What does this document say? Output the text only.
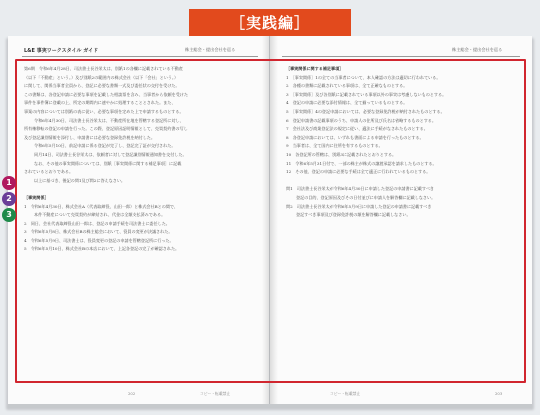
［実践編］
L&E 事実ワークスタイル ガイド	株主総会・提出会社を巡る	株主総会・提出会社を巡る

第6期　令和6年4月28日、司法書士長谷栄太は、別紙1の各欄に記載されている不動産

（以下「不動産」という。）及び別紙2の範囲内の株式会社（以下「会社」という。）

に関して、関係当事者全員から、登記に必要な書類一式及び委任状の交付を受けた。

この書類は、各登記申請に必要な事項を記載した相談票を含み、当事者から依頼を受けた

事件を事件簿に登載の上、所定の期間内に速やかに処理することとされた。また、

事案の内容については別紙の表に従い、必要な事項を定めた上で申請するものとする。

令和6年4月30日、司法書士長谷栄太は、不動産所在地を管轄する登記所に対し、

所有権移転の登記の申請を行った。この際、登記原因証明情報として、売買契約書の写し

及び登記識別情報を添付し、申請書には必要な登録免許税を納付した。

令和6年5月10日、前記申請に係る登記が完了し、登記完了証が交付された。

同月14日、司法書士長谷栄太は、依頼者に対して登記識別情報通知書を交付した。

なお、その他の事実関係については、別紙［事実関係に関する補足事項］に記載

されているとおりである。

以上に基づき、後記の問1及び問2に答えなさい。

［事実関係］

1　令和6年4月30日、株式会社A（代表取締役、山田一郎）と株式会社Bとの間で、

本件不動産について売買契約が締結され、代金は全額支払済みである。

2　同日、会社代表取締役山田一郎は、登記の申請手続を司法書士に委任した。

3　令和6年5月8日、株式会社Bの株主総会において、役員の変更が決議された。

4　令和6年5月9日、司法書士は、役員変更の登記の申請を管轄登記所に行った。

5　令和6年5月10日、株式会社Bの本店において、上記各登記の完了が確認された。

［事実関係に関する補足事項］

1　［事実関係］1の全ての当事者について、本人確認の方法は適切に行われている。

2　各種の書類に記載されている事項は、全て正確なものとする。

3　［事実関係］及び各別紙に記載されている事項以外の事実は考慮しないものとする。

4　登記の申請に必要な添付情報は、全て揃っているものとする。

5　［事実関係］4の登記申請においては、必要な登録免許税が納付されたものとする。

6　登記申請書の記載事項のうち、申請人の住所及び氏名は省略するものとする。

7　会社法及び商業登記法の規定に従い、適法に手続がなされたものとする。

8　各登記申請においては、いずれも書面による申請を行ったものとする。

9　当事者は、全て国内に住所を有するものとする。

10　各登記所の管轄は、別紙3に記載されたとおりとする。

11　令和6年5月31日付で、一部の株主が株式の譲渡承認を請求したものとする。

12　その他、登記の申請に必要な手続は全て適正に行われているものとする。

問1　司法書士長谷栄太が令和6年4月30日に申請した登記の申請書に記載すべき

登記の目的、登記原因及びその日付並びに申請人を解答欄に記載しなさい。

問2　司法書士長谷栄太が令和6年5月9日に申請した登記の申請書に記載すべき

登記すべき事項及び登録免許税の額を解答欄に記載しなさい。

1
2
3
202	コピー・転載禁止	コピー・転載禁止	203
